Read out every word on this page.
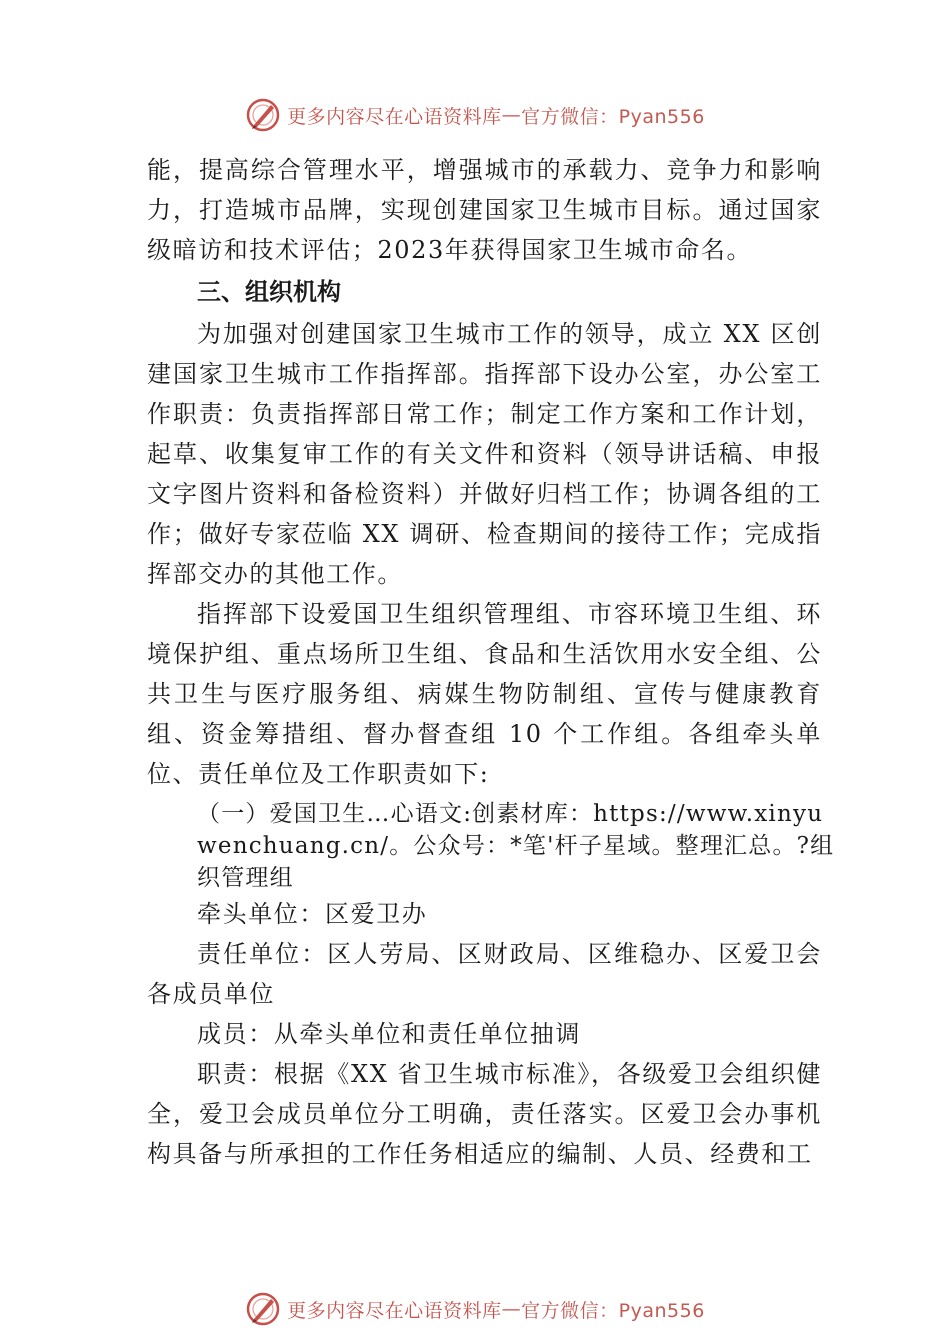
更多内容尽在心语资料库 — 官方微信：Pyan556

能，提高综合管理水平，增强城市的承载力、竞争力和影响力，打造城市品牌，实现创建国家卫生城市目标。通过国家级暗访和技术评估；2023年获得国家卫生城市命名。

三、组织机构

为加强对创建国家卫生城市工作的领导，成立 XX 区创建国家卫生城市工作指挥部。指挥部下设办公室，办公室工作职责：负责指挥部日常工作；制定工作方案和工作计划， 起草、收集复审工作的有关文件和资料（领导讲话稿、申报文字图片资料和备检资料）并做好归档工作；协调各组的工作；做好专家莅临 XX 调研、检查期间的接待工作；完成指挥部交办的其他工作。

指挥部下设爱国卫生组织管理组、市容环境卫生组、环境保护组、重点场所卫生组、食品和生活饮用水安全组、公共卫生与医疗服务组、病媒生物防制组、宣传与健康教育组、资金筹措组、督办督查组 10 个工作组。各组牵头单位、责任单位及工作职责如下:

（一）爱国卫生…心语文:创素材库：https://www.xinyuwenchuang.cn/。公众号：*笔'杆子星域。整理汇总。?组织管理组

牵头单位：区爱卫办

责任单位：区人劳局、区财政局、区维稳办、区爱卫会各成员单位

成员：从牵头单位和责任单位抽调

职责：根据《XX 省卫生城市标准》，各级爱卫会组织健全，爱卫会成员单位分工明确，责任落实。区爱卫会办事机构具备与所承担的工作任务相适应的编制、人员、经费和工

更多内容尽在心语资料库 — 官方微信：Pyan556
